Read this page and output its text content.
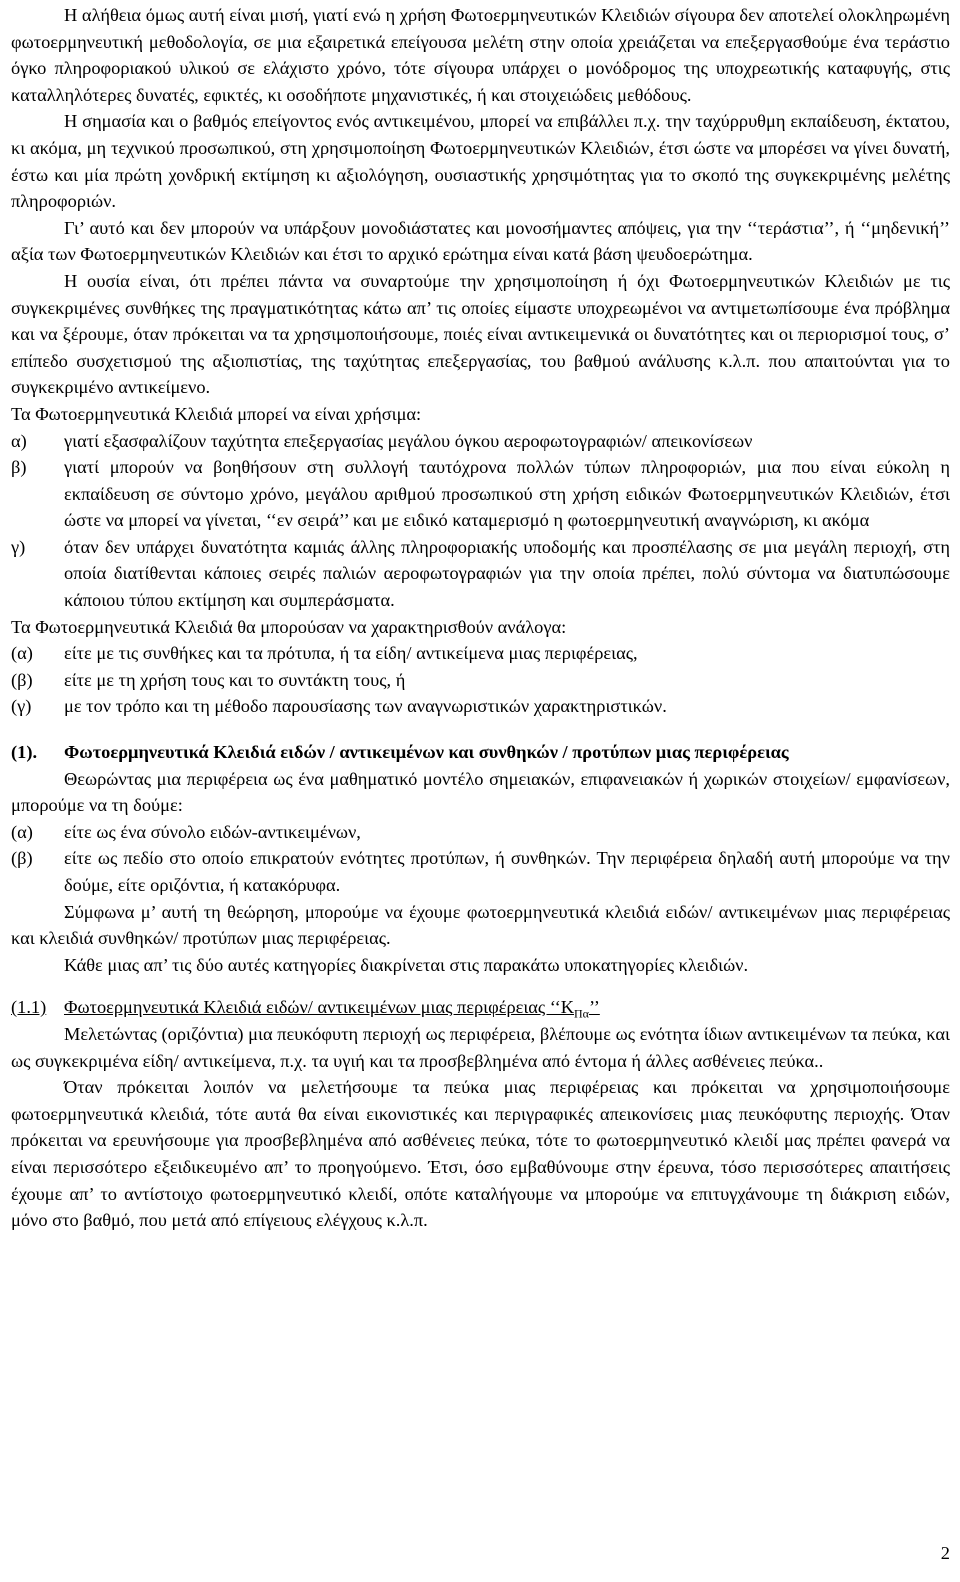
Η αλήθεια όμως αυτή είναι μισή, γιατί ενώ η χρήση Φωτοερμηνευτικών Κλειδιών σίγουρα δεν αποτελεί ολοκληρωμένη φωτοερμηνευτική μεθοδολογία, σε μια εξαιρετικά επείγουσα μελέτη στην οποία χρειάζεται να επεξεργασθούμε ένα τεράστιο όγκο πληροφοριακού υλικού σε ελάχιστο χρόνο, τότε σίγουρα υπάρχει ο μονόδρομος της υποχρεωτικής καταφυγής, στις καταλληλότερες δυνατές, εφικτές, κι οσοδήποτε μηχανιστικές, ή και στοιχειώδεις μεθόδους.

Η σημασία και ο βαθμός επείγοντος ενός αντικειμένου, μπορεί να επιβάλλει π.χ. την ταχύρρυθμη εκπαίδευση, έκτατου, κι ακόμα, μη τεχνικού προσωπικού, στη χρησιμοποίηση Φωτοερμηνευτικών Κλειδιών, έτσι ώστε να μπορέσει να γίνει δυνατή, έστω και μία πρώτη χονδρική εκτίμηση κι αξιολόγηση, ουσιαστικής χρησιμότητας για το σκοπό της συγκεκριμένης μελέτης πληροφοριών.

Γι’ αυτό και δεν μπορούν να υπάρξουν μονοδιάστατες και μονοσήμαντες απόψεις, για την ‘‘τεράστια’’, ή ‘‘μηδενική’’ αξία των Φωτοερμηνευτικών Κλειδιών και έτσι το αρχικό ερώτημα είναι κατά βάση ψευδοερώτημα.

Η ουσία είναι, ότι πρέπει πάντα να συναρτούμε την χρησιμοποίηση ή όχι Φωτοερμηνευτικών Κλειδιών με τις συγκεκριμένες συνθήκες της πραγματικότητας κάτω απ’ τις οποίες είμαστε υποχρεωμένοι να αντιμετωπίσουμε ένα πρόβλημα και να ξέρουμε, όταν πρόκειται να τα χρησιμοποιήσουμε, ποιές είναι αντικειμενικά οι δυνατότητες και οι περιορισμοί τους, σ’ επίπεδο συσχετισμού της αξιοπιστίας, της ταχύτητας επεξεργασίας, του βαθμού ανάλυσης κ.λ.π. που απαιτούνται για το συγκεκριμένο αντικείμενο.

Τα Φωτοερμηνευτικά Κλειδιά μπορεί να είναι χρήσιμα:

α)	γιατί εξασφαλίζουν ταχύτητα επεξεργασίας μεγάλου όγκου αεροφωτογραφιών/ απεικονίσεων
β)	γιατί μπορούν να βοηθήσουν στη συλλογή ταυτόχρονα πολλών τύπων πληροφοριών, μια που είναι εύκολη η εκπαίδευση σε σύντομο χρόνο, μεγάλου αριθμού προσωπικού στη χρήση ειδικών Φωτοερμηνευτικών Κλειδιών, έτσι ώστε να μπορεί να γίνεται, ‘‘εν σειρά’’ και με ειδικό καταμερισμό η φωτοερμηνευτική αναγνώριση, κι ακόμα
γ)	όταν δεν υπάρχει δυνατότητα καμιάς άλλης πληροφοριακής υποδομής και προσπέλασης σε μια μεγάλη περιοχή, στη οποία διατίθενται κάποιες σειρές παλιών αεροφωτογραφιών για την οποία πρέπει, πολύ σύντομα να διατυπώσουμε κάποιου τύπου εκτίμηση και συμπεράσματα.

Τα Φωτοερμηνευτικά Κλειδιά θα μπορούσαν να χαρακτηρισθούν ανάλογα:

(α)	είτε με τις συνθήκες και τα πρότυπα, ή τα είδη/ αντικείμενα μιας περιφέρειας,
(β)	είτε με τη χρήση τους και το συντάκτη τους, ή
(γ)	με τον τρόπο και τη μέθοδο παρουσίασης των αναγνωριστικών χαρακτηριστικών.
(1).	Φωτοερμηνευτικά Κλειδιά ειδών / αντικειμένων και συνθηκών / προτύπων μιας περιφέρειας

Θεωρώντας μια περιφέρεια ως ένα μαθηματικό μοντέλο σημειακών, επιφανειακών ή χωρικών στοιχείων/ εμφανίσεων, μπορούμε να τη δούμε:

(α)	είτε ως ένα σύνολο ειδών-αντικειμένων,
(β)	είτε ως πεδίο στο οποίο επικρατούν ενότητες προτύπων, ή συνθηκών. Την περιφέρεια δηλαδή αυτή μπορούμε να την δούμε, είτε οριζόντια, ή κατακόρυφα.

Σύμφωνα μ’ αυτή τη θεώρηση, μπορούμε να έχουμε φωτοερμηνευτικά κλειδιά ειδών/ αντικειμένων μιας περιφέρειας και κλειδιά συνθηκών/ προτύπων μιας περιφέρειας.

Κάθε μιας απ’ τις δύο αυτές κατηγορίες διακρίνεται στις παρακάτω υποκατηγορίες κλειδιών.

(1.1) Φωτοερμηνευτικά Κλειδιά ειδών/ αντικειμένων μιας περιφέρειας ‘‘$K_{\Pi\alpha}$’’

Μελετώντας (οριζόντια) μια πευκόφυτη περιοχή ως περιφέρεια, βλέπουμε ως ενότητα ίδιων αντικειμένων τα πεύκα, και ως συγκεκριμένα είδη/ αντικείμενα, π.χ. τα υγιή και τα προσβεβλημένα από έντομα ή άλλες ασθένειες πεύκα..

Όταν πρόκειται λοιπόν να μελετήσουμε τα πεύκα μιας περιφέρειας και πρόκειται να χρησιμοποιήσουμε φωτοερμηνευτικά κλειδιά, τότε αυτά θα είναι εικονιστικές και περιγραφικές απεικονίσεις μιας πευκόφυτης περιοχής. Όταν πρόκειται να ερευνήσουμε για προσβεβλημένα από ασθένειες πεύκα, τότε το φωτοερμηνευτικό κλειδί μας πρέπει φανερά να είναι περισσότερο εξειδικευμένο απ’ το προηγούμενο. Έτσι, όσο εμβαθύνουμε στην έρευνα, τόσο περισσότερες απαιτήσεις έχουμε απ’ το αντίστοιχο φωτοερμηνευτικό κλειδί, οπότε καταλήγουμε να μπορούμε να επιτυγχάνουμε τη διάκριση ειδών, μόνο στο βαθμό, που μετά από επίγειους ελέγχους κ.λ.π.

2
